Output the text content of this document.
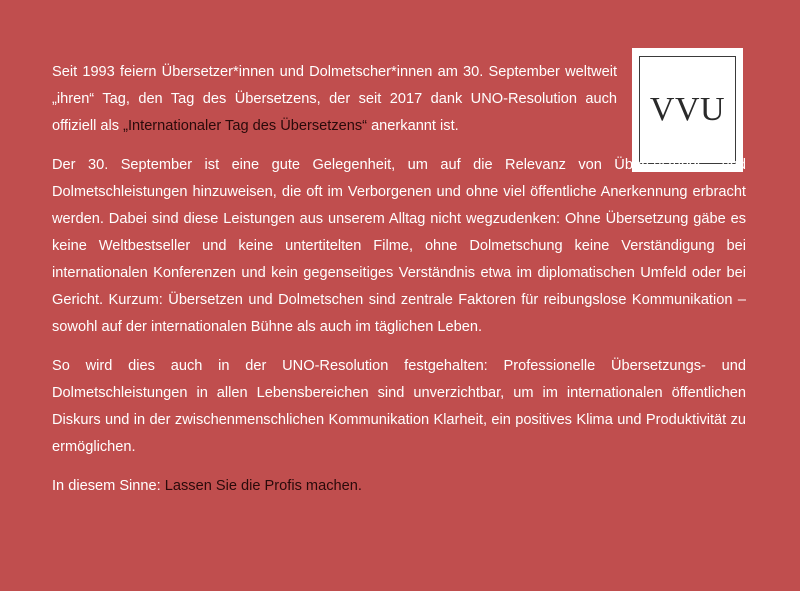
VVU

Seit 1993 feiern Übersetzer*innen und Dolmetscher*innen am 30. September weltweit „ihren“ Tag, den Tag des Übersetzens, der seit 2017 dank UNO-Resolution auch offiziell als „Internationaler Tag des Übersetzens“ anerkannt ist.

Der 30. September ist eine gute Gelegenheit, um auf die Relevanz von Übersetzungs- und Dolmetschleistungen hinzuweisen, die oft im Verborgenen und ohne viel öffentliche Anerkennung erbracht werden. Dabei sind diese Leistungen aus unserem Alltag nicht wegzudenken: Ohne Übersetzung gäbe es keine Weltbestseller und keine untertitelten Filme, ohne Dolmetschung keine Verständigung bei internationalen Konferenzen und kein gegenseitiges Verständnis etwa im diplomatischen Umfeld oder bei Gericht. Kurzum: Übersetzen und Dolmetschen sind zentrale Faktoren für reibungslose Kommunikation – sowohl auf der internationalen Bühne als auch im täglichen Leben.

So wird dies auch in der UNO-Resolution festgehalten: Professionelle Übersetzungs- und Dolmetschleistungen in allen Lebensbereichen sind unverzichtbar, um im internationalen öffentlichen Diskurs und in der zwischenmenschlichen Kommunikation Klarheit, ein positives Klima und Produktivität zu ermöglichen.

In diesem Sinne: Lassen Sie die Profis machen.
